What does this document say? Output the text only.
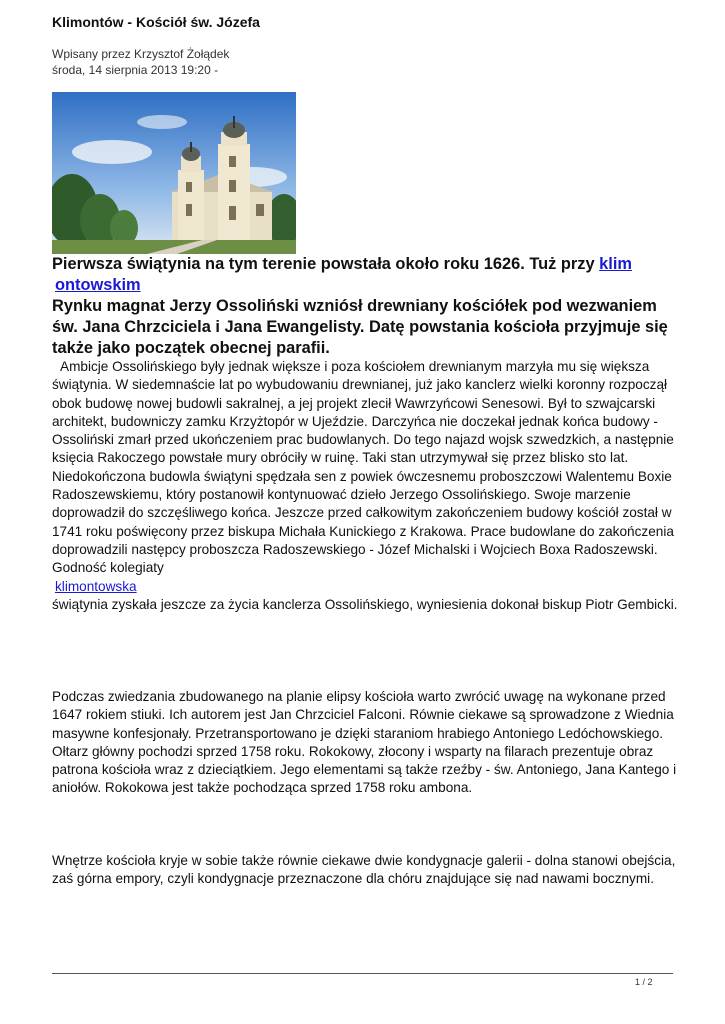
Klimontów - Kościół św. Józefa
Wpisany przez Krzysztof Żołądek
środa, 14 sierpnia 2013 19:20 -
Pierwsza świątynia na tym terenie powstała około roku 1626. Tuż przy klim
ontowskim
Rynku magnat Jerzy Ossoliński wzniósł drewniany kościółek pod wezwaniem św. Jana Chrzciciela i Jana Ewangelisty. Datę powstania kościoła przyjmuje się także jako początek obecnej parafii.
Ambicje Ossolińskiego były jednak większe i poza kościołem drewnianym marzyła mu się większa świątynia. W siedemnaście lat po wybudowaniu drewnianej, już jako kanclerz wielki koronny rozpoczął obok budowę nowej budowli sakralnej, a jej projekt zlecił Wawrzyńcowi Senesowi. Był to szwajcarski architekt, budowniczy zamku Krzyżtopór w Ujeździe. Darczyńca nie doczekał jednak końca budowy - Ossoliński zmarł przed ukończeniem prac budowlanych. Do tego najazd wojsk szwedzkich, a następnie księcia Rakoczego powstałe mury obróciły w ruinę. Taki stan utrzymywał się przez blisko sto lat.        Niedokończona budowla świątyni spędzała sen z powiek ówczesnemu proboszczowi Walentemu Boxie Radoszewskiemu, który postanowił kontynuować dzieło Jerzego Ossolińskiego. Swoje marzenie doprowadził do szczęśliwego końca. Jeszcze przed całkowitym zakończeniem budowy kościół został w 1741 roku poświęcony przez biskupa Michała Kunickiego z Krakowa. Prace budowlane do zakończenia doprowadzili następcy proboszcza Radoszewskiego - Józef Michalski i Wojciech Boxa Radoszewski. Godność kolegiaty
klimontowska
świątynia zyskała jeszcze za życia kanclerza Ossolińskiego, wyniesienia dokonał biskup Piotr Gembicki.
Podczas zwiedzania zbudowanego na planie elipsy kościoła warto zwrócić uwagę na wykonane przed 1647 rokiem stiuki. Ich autorem jest Jan Chrzciciel Falconi. Równie ciekawe są sprowadzone z Wiednia masywne konfesjonały. Przetransportowano je dzięki staraniom hrabiego Antoniego Ledóchowskiego. Ołtarz główny pochodzi sprzed 1758 roku. Rokokowy, złocony i wsparty na filarach prezentuje obraz patrona kościoła wraz z dzieciątkiem. Jego elementami są także rzeźby - św. Antoniego, Jana Kantego i aniołów. Rokokowa jest także pochodząca sprzed 1758 roku ambona.
Wnętrze kościoła kryje w sobie także równie ciekawe dwie kondygnacje galerii - dolna stanowi obejścia, zaś górna empory, czyli kondygnacje przeznaczone dla chóru znajdujące się nad nawami bocznymi.
1 / 2
